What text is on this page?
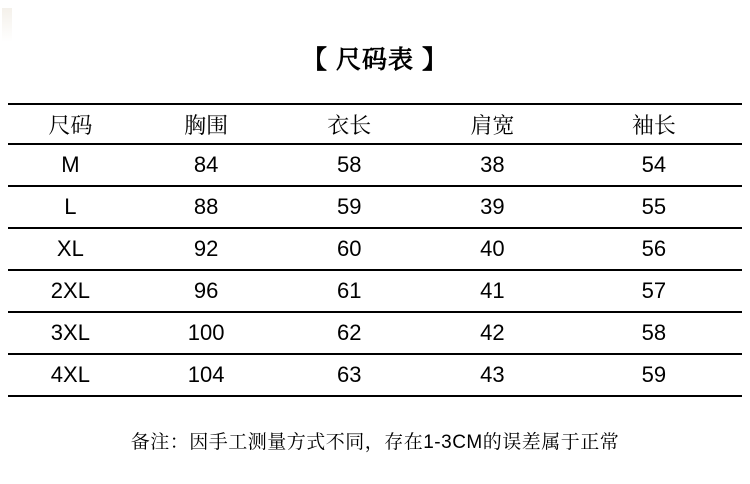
【 尺码表 】
尺码	胸围	衣长	肩宽	袖长
M	84	58	38	54
L	88	59	39	55
XL	92	60	40	56
2XL	96	61	41	57
3XL	100	62	42	58
4XL	104	63	43	59
备注：因手工测量方式不同，存在1-3CM的误差属于正常
